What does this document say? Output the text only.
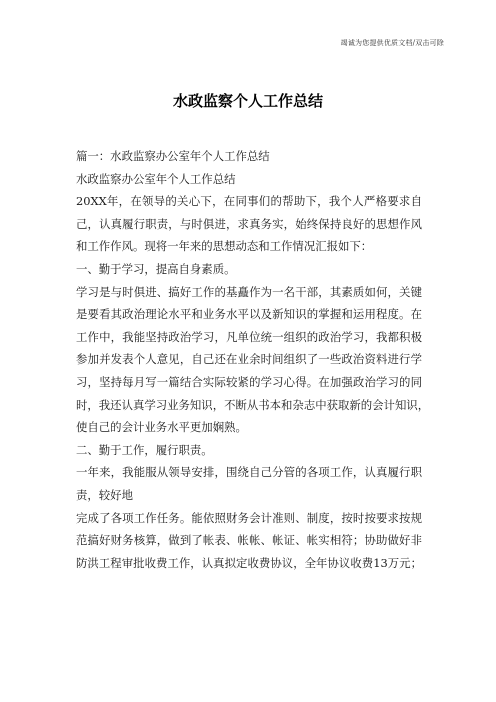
竭诚为您提供优质文档/双击可除
水政监察个人工作总结
篇一：水政监察办公室年个人工作总结
水政监察办公室年个人工作总结
20XX年，在领导的关心下，在同事们的帮助下，我个人严格要求自
己，认真履行职责，与时俱进，求真务实，始终保持良好的思想作风
和工作作风。现将一年来的思想动态和工作情况汇报如下：
一、勤于学习，提高自身素质。
学习是与时俱进、搞好工作的基矗作为一名干部，其素质如何，关键
是要看其政治理论水平和业务水平以及新知识的掌握和运用程度。在
工作中，我能坚持政治学习，凡单位统一组织的政治学习，我都积极
参加并发表个人意见，自己还在业余时间组织了一些政治资料进行学
习，坚持每月写一篇结合实际较紧的学习心得。在加强政治学习的同
时，我还认真学习业务知识，不断从书本和杂志中获取新的会计知识，
使自己的会计业务水平更加娴熟。
二、勤于工作，履行职责。
一年来，我能服从领导安排，围绕自己分管的各项工作，认真履行职
责，较好地
完成了各项工作任务。能依照财务会计准则、制度，按时按要求按规
范搞好财务核算，做到了帐表、帐帐、帐证、帐实相符；协助做好非
防洪工程审批收费工作，认真拟定收费协议，全年协议收费13万元；
